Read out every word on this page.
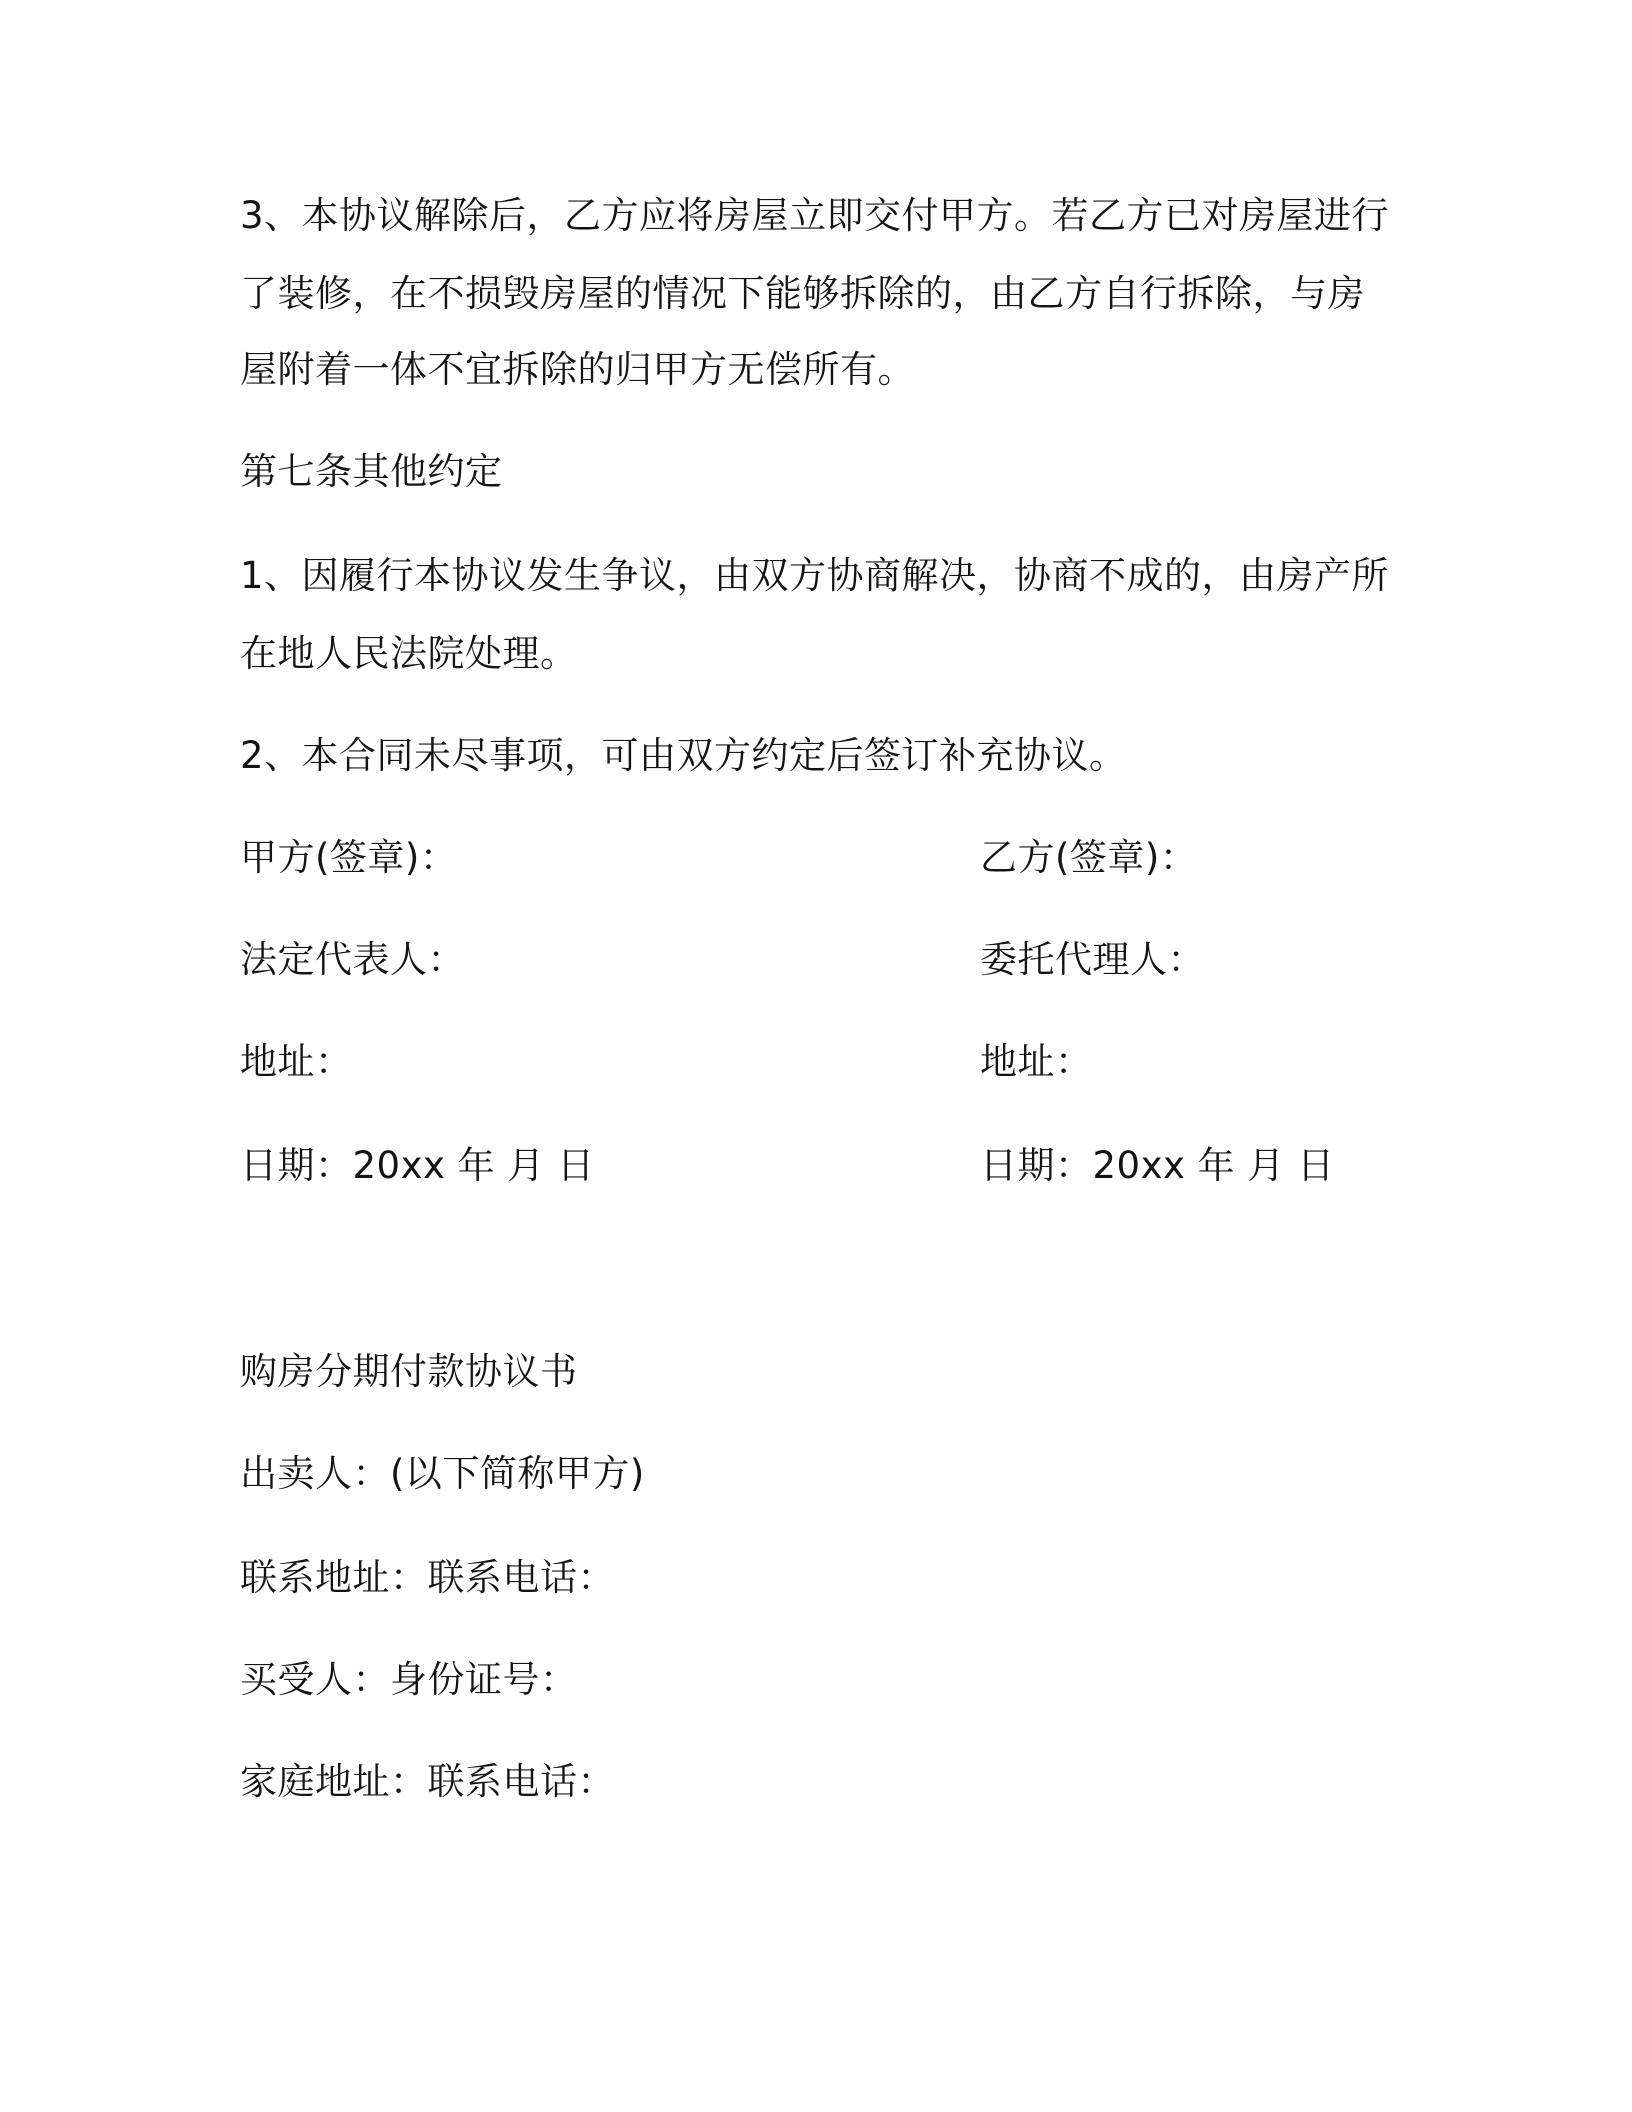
3、本协议解除后，乙方应将房屋立即交付甲方。若乙方已对房屋进行
了装修，在不损毁房屋的情况下能够拆除的，由乙方自行拆除，与房
屋附着一体不宜拆除的归甲方无偿所有。
第七条其他约定
1、因履行本协议发生争议，由双方协商解决，协商不成的，由房产所
在地人民法院处理。
2、本合同未尽事项，可由双方约定后签订补充协议。
甲方(签章)：	乙方(签章)：
法定代表人：	委托代理人：
地址：	地址：
日期：20xx 年 月 日	日期：20xx 年 月 日
购房分期付款协议书
出卖人：(以下简称甲方)
联系地址：联系电话：
买受人：身份证号：
家庭地址：联系电话：
